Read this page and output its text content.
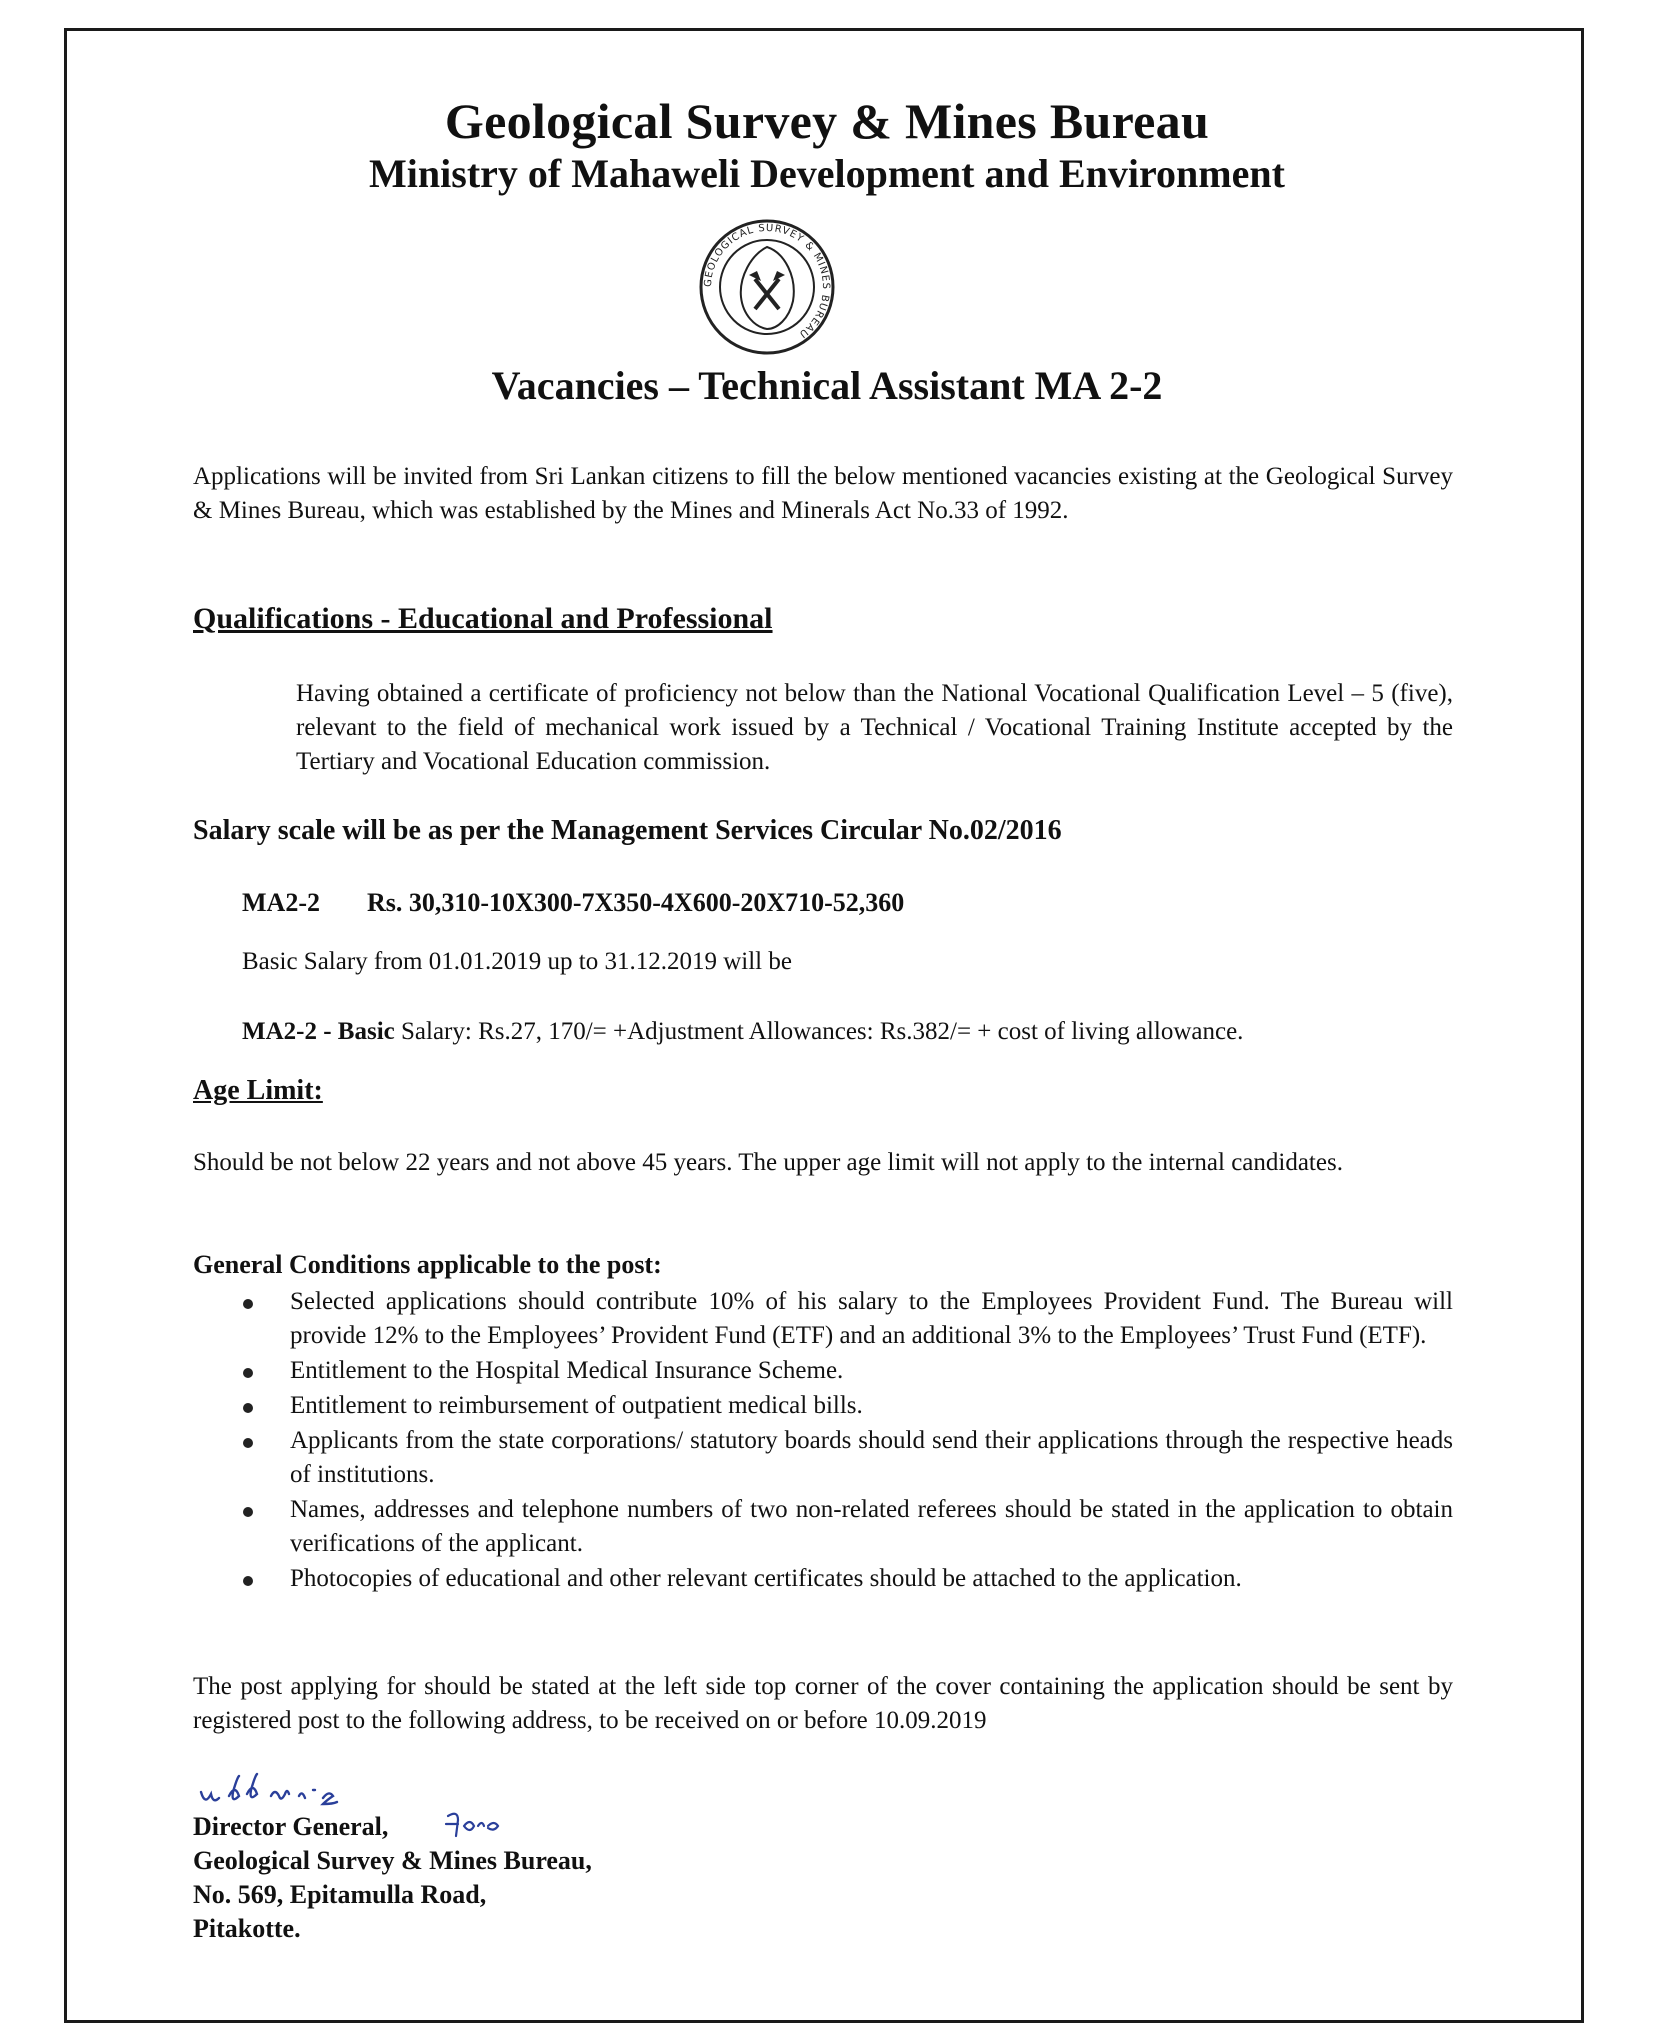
Geological Survey & Mines Bureau
Ministry of Mahaweli Development and Environment
GEOLOGICAL SURVEY & MINES BUREAU
Vacancies – Technical Assistant MA 2-2
Applications will be invited from Sri Lankan citizens to fill the below mentioned vacancies existing at the Geological Survey & Mines Bureau, which was established by the Mines and Minerals Act No.33 of 1992.
Qualifications - Educational and Professional
Having obtained a certificate of proficiency not below than the National Vocational Qualification Level – 5 (five), relevant to the field of mechanical work issued by a Technical / Vocational Training Institute accepted by the Tertiary and Vocational Education commission.
Salary scale will be as per the Management Services Circular No.02/2016
MA2-2 Rs. 30,310-10X300-7X350-4X600-20X710-52,360
Basic Salary from 01.01.2019 up to 31.12.2019 will be
MA2-2 - Basic Salary: Rs.27, 170/= +Adjustment Allowances: Rs.382/= + cost of living allowance.
Age Limit:
Should be not below 22 years and not above 45 years. The upper age limit will not apply to the internal candidates.
General Conditions applicable to the post:
Selected applications should contribute 10% of his salary to the Employees Provident Fund. The Bureau will provide 12% to the Employees’ Provident Fund (ETF) and an additional 3% to the Employees’ Trust Fund (ETF).
Entitlement to the Hospital Medical Insurance Scheme.
Entitlement to reimbursement of outpatient medical bills.
Applicants from the state corporations/ statutory boards should send their applications through the respective heads of institutions.
Names, addresses and telephone numbers of two non-related referees should be stated in the application to obtain verifications of the applicant.
Photocopies of educational and other relevant certificates should be attached to the application.
The post applying for should be stated at the left side top corner of the cover containing the application should be sent by registered post to the following address, to be received on or before 10.09.2019
Director General,
Geological Survey & Mines Bureau,
No. 569, Epitamulla Road,
Pitakotte.
